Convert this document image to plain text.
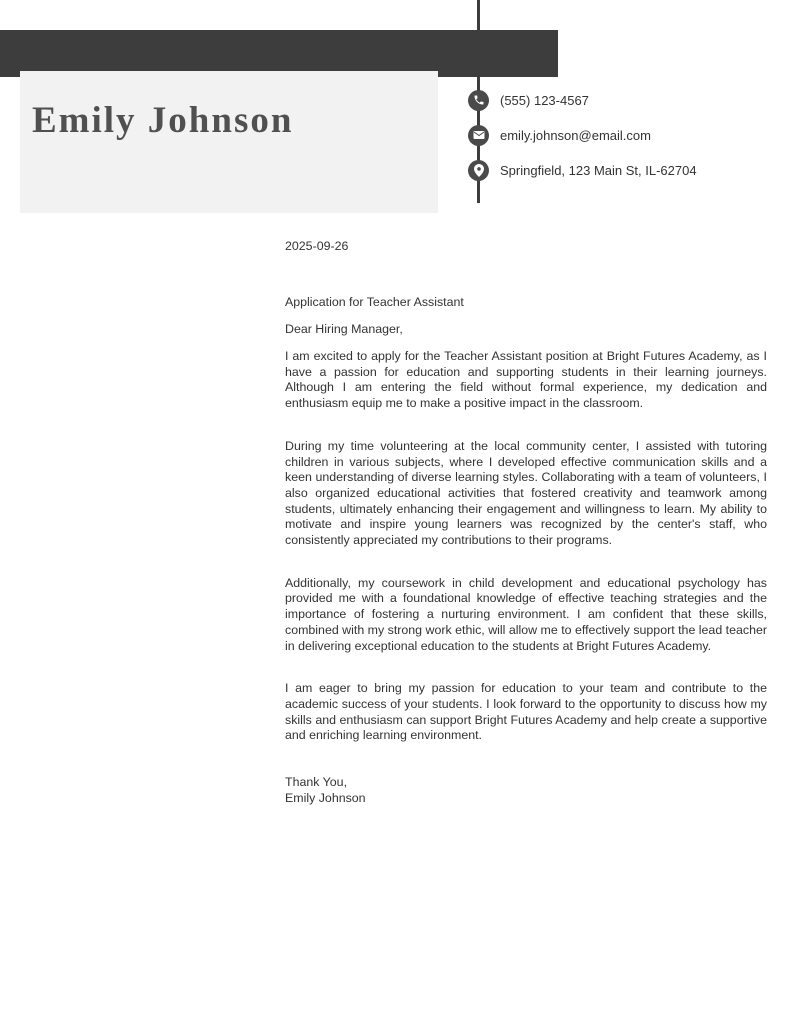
Emily Johnson	(555) 123-4567
emily.johnson@email.com
Springfield, 123 Main St, IL-62704
2025-09-26
Application for Teacher Assistant
Dear Hiring Manager,

I am excited to apply for the Teacher Assistant position at Bright Futures Academy, as I have a passion for education and supporting students in their learning journeys. Although I am entering the field without formal experience, my dedication and enthusiasm equip me to make a positive impact in the classroom.

During my time volunteering at the local community center, I assisted with tutoring children in various subjects, where I developed effective communication skills and a keen understanding of diverse learning styles. Collaborating with a team of volunteers, I also organized educational activities that fostered creativity and teamwork among students, ultimately enhancing their engagement and willingness to learn. My ability to motivate and inspire young learners was recognized by the center's staff, who consistently appreciated my contributions to their programs.

Additionally, my coursework in child development and educational psychology has provided me with a foundational knowledge of effective teaching strategies and the importance of fostering a nurturing environment. I am confident that these skills, combined with my strong work ethic, will allow me to effectively support the lead teacher in delivering exceptional education to the students at Bright Futures Academy.

I am eager to bring my passion for education to your team and contribute to the academic success of your students. I look forward to the opportunity to discuss how my skills and enthusiasm can support Bright Futures Academy and help create a supportive and enriching learning environment.

Thank You,
Emily Johnson
